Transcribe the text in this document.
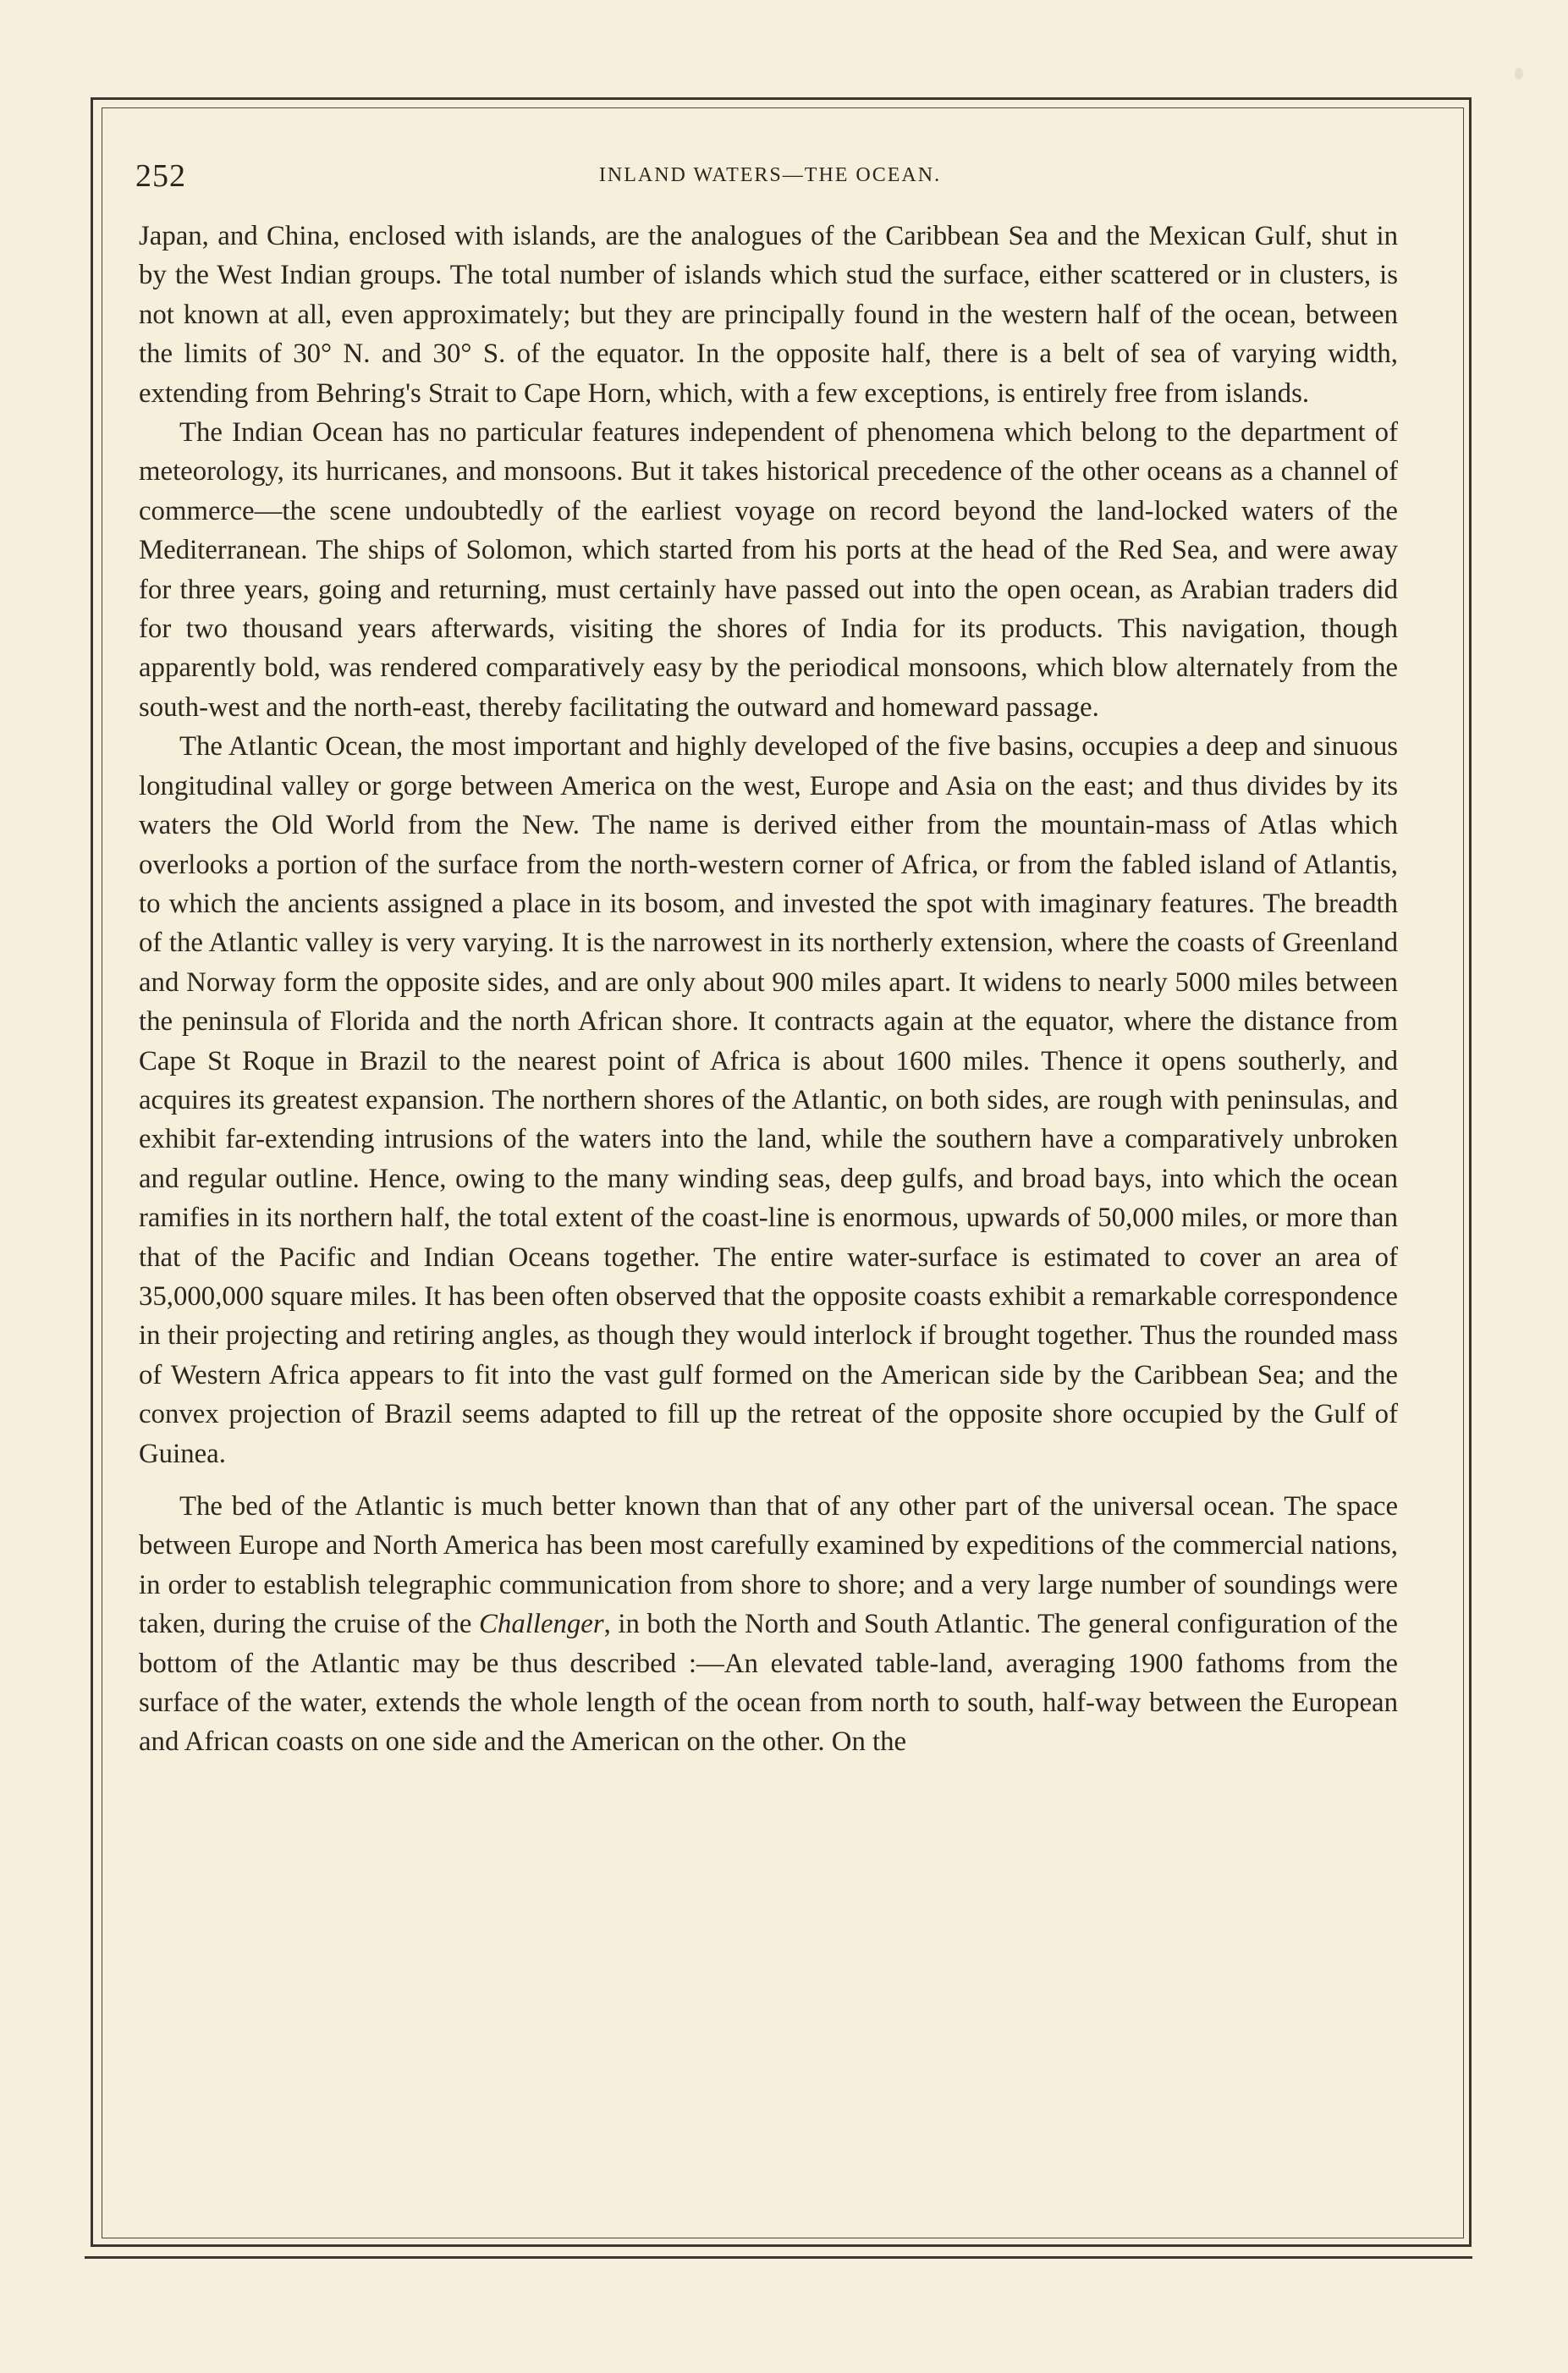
252	INLAND WATERS—THE OCEAN.

Japan, and China, enclosed with islands, are the analogues of the Caribbean Sea and the Mexican Gulf, shut in by the West Indian groups. The total number of islands which stud the surface, either scattered or in clusters, is not known at all, even approximately; but they are principally found in the western half of the ocean, between the limits of 30° N. and 30° S. of the equator. In the opposite half, there is a belt of sea of varying width, extending from Behring's Strait to Cape Horn, which, with a few exceptions, is entirely free from islands.

The Indian Ocean has no particular features independent of phenomena which belong to the department of meteorology, its hurricanes, and monsoons. But it takes historical precedence of the other oceans as a channel of commerce—the scene undoubtedly of the earliest voyage on record beyond the land-locked waters of the Mediterranean. The ships of Solomon, which started from his ports at the head of the Red Sea, and were away for three years, going and returning, must certainly have passed out into the open ocean, as Arabian traders did for two thousand years afterwards, visiting the shores of India for its products. This navigation, though apparently bold, was rendered comparatively easy by the periodical monsoons, which blow alternately from the south-west and the north-east, thereby facilitating the outward and homeward passage.

The Atlantic Ocean, the most important and highly developed of the five basins, occupies a deep and sinuous longitudinal valley or gorge between America on the west, Europe and Asia on the east; and thus divides by its waters the Old World from the New. The name is derived either from the mountain-mass of Atlas which overlooks a portion of the surface from the north-western corner of Africa, or from the fabled island of Atlantis, to which the ancients assigned a place in its bosom, and invested the spot with imaginary features. The breadth of the Atlantic valley is very varying. It is the narrowest in its northerly extension, where the coasts of Greenland and Norway form the opposite sides, and are only about 900 miles apart. It widens to nearly 5000 miles between the peninsula of Florida and the north African shore. It contracts again at the equator, where the distance from Cape St Roque in Brazil to the nearest point of Africa is about 1600 miles. Thence it opens southerly, and acquires its greatest expansion. The northern shores of the Atlantic, on both sides, are rough with peninsulas, and exhibit far-extending intrusions of the waters into the land, while the southern have a comparatively unbroken and regular outline. Hence, owing to the many winding seas, deep gulfs, and broad bays, into which the ocean ramifies in its northern half, the total extent of the coast-line is enormous, upwards of 50,000 miles, or more than that of the Pacific and Indian Oceans together. The entire water-surface is estimated to cover an area of 35,000,000 square miles. It has been often observed that the opposite coasts exhibit a remarkable correspondence in their projecting and retiring angles, as though they would interlock if brought together. Thus the rounded mass of Western Africa appears to fit into the vast gulf formed on the American side by the Caribbean Sea; and the convex projection of Brazil seems adapted to fill up the retreat of the opposite shore occupied by the Gulf of Guinea.

The bed of the Atlantic is much better known than that of any other part of the universal ocean. The space between Europe and North America has been most carefully examined by expeditions of the commercial nations, in order to establish telegraphic communication from shore to shore; and a very large number of soundings were taken, during the cruise of the Challenger, in both the North and South Atlantic. The general configuration of the bottom of the Atlantic may be thus described :—An elevated table-land, averaging 1900 fathoms from the surface of the water, extends the whole length of the ocean from north to south, half-way between the European and African coasts on one side and the American on the other. On the
